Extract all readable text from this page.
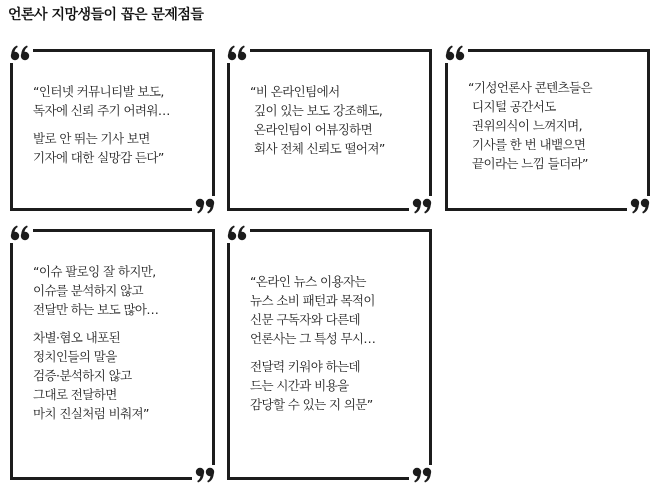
언론사 지망생들이 꼽은 문제점들
“인터넷 커뮤니티발 보도,
독자에 신뢰 주기 어려워…
발로 안 뛰는 기사 보면
기자에 대한 실망감 든다”
“비 온라인팀에서
깊이 있는 보도 강조해도,
온라인팀이 어뷰징하면
회사 전체 신뢰도 떨어져”
“기성언론사 콘텐츠들은
디지털 공간서도
권위의식이 느껴지며,
기사를 한 번 내뱉으면
끝이라는 느낌 들더라”
“이슈 팔로잉 잘 하지만,
이슈를 분석하지 않고
전달만 하는 보도 많아…
차별·혐오 내포된
정치인들의 말을
검증·분석하지 않고
그대로 전달하면
마치 진실처럼 비춰져”
“온라인 뉴스 이용자는
뉴스 소비 패턴과 목적이
신문 구독자와 다른데
언론사는 그 특성 무시…
전달력 키워야 하는데
드는 시간과 비용을
감당할 수 있는 지 의문”
